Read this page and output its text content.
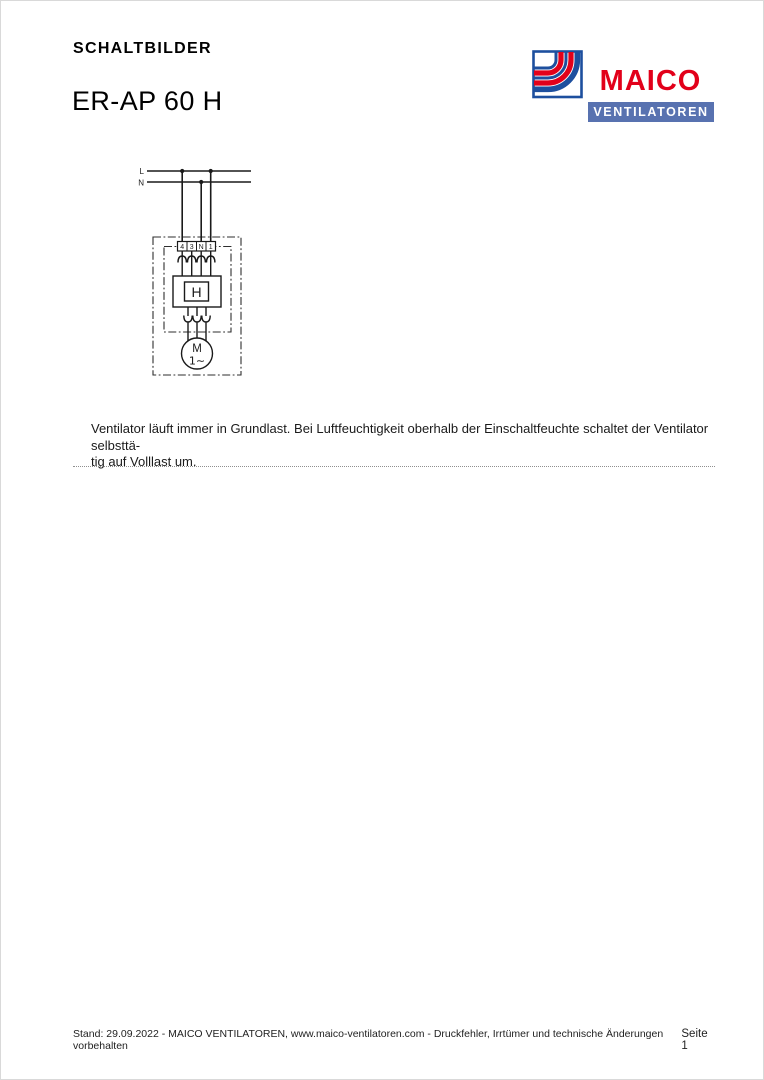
SCHALTBILDER
ER-AP 60 H
MAICO
VENTILATOREN
L
N
4 3 N 1
H
M
1∼
Ventilator läuft immer in Grundlast. Bei Luftfeuchtigkeit oberhalb der Einschaltfeuchte schaltet der Ventilator selbsttä-
tig auf Volllast um.
Stand: 29.09.2022 - MAICO VENTILATOREN, www.maico-ventilatoren.com - Druckfehler, Irrtümer und technische Änderungen vorbehalten
Seite 1
